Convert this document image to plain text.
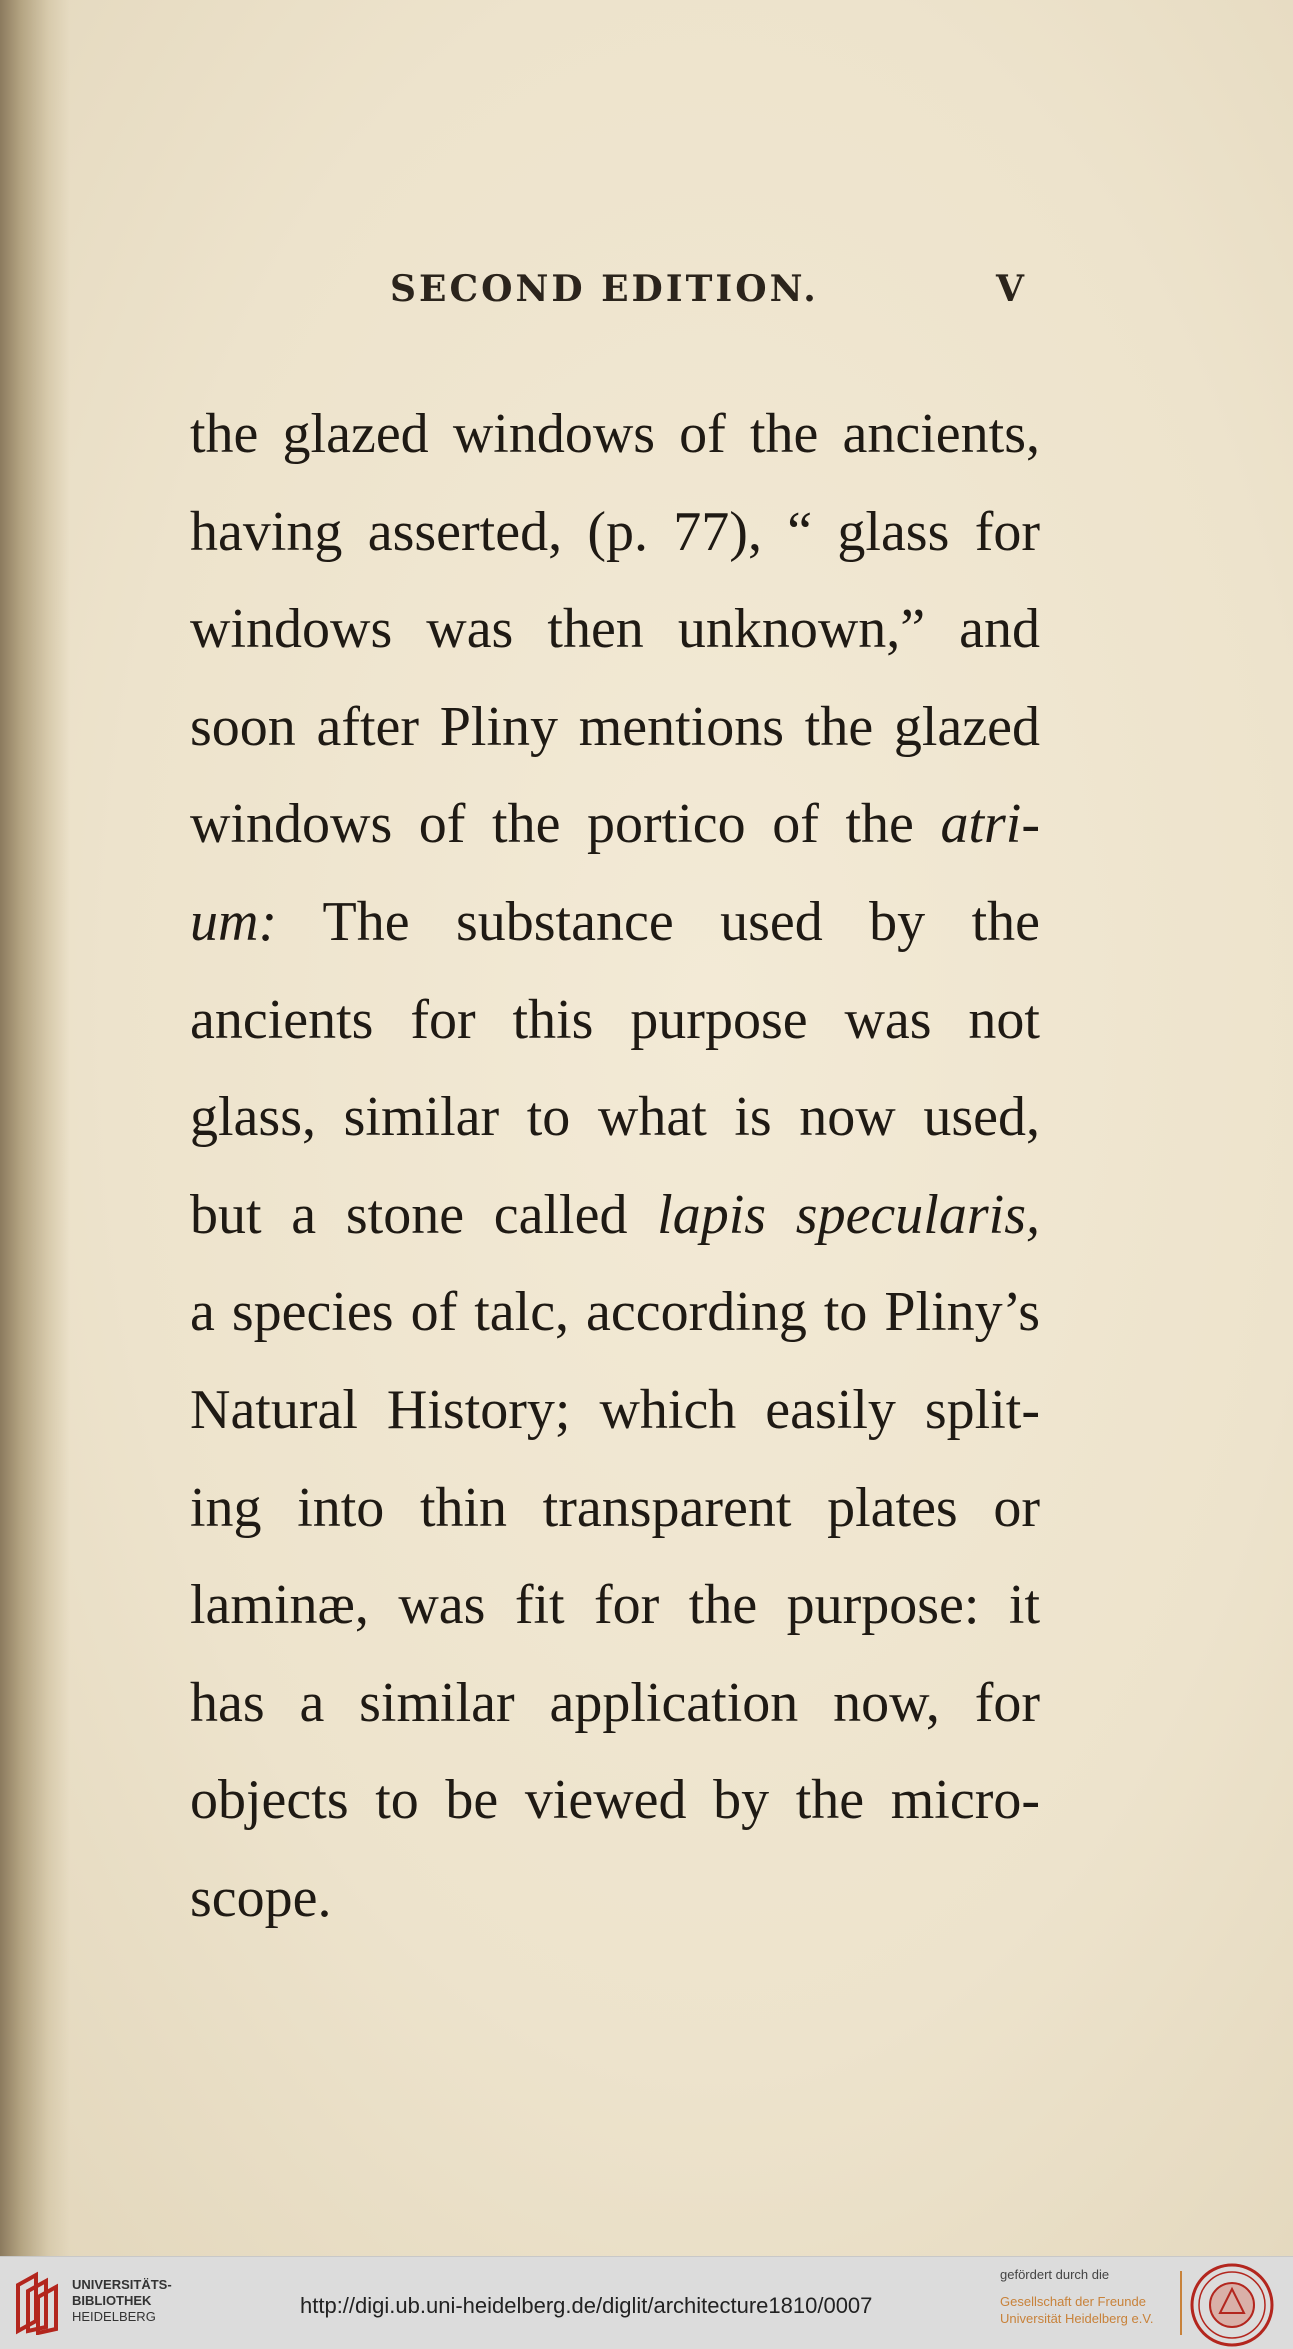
SECOND EDITION.	V
the glazed windows of the ancients,
having asserted, (p. 77), “ glass for
windows was then unknown,” and
soon after Pliny mentions the glazed
windows of the portico of the atri-
um: The substance used by the
ancients for this purpose was not
glass, similar to what is now used,
but a stone called lapis specularis,
a species of talc, according to Pliny’s
Natural History; which easily split-
ing into thin transparent plates or
laminæ, was fit for the purpose: it
has a similar application now, for
objects to be viewed by the micro-
scope.
UNIVERSITÄTS-
BIBLIOTHEK
HEIDELBERG	http://digi.ub.uni-heidelberg.de/diglit/architecture1810/0007
gefördert durch die
Gesellschaft der Freunde
Universität Heidelberg e.V.
